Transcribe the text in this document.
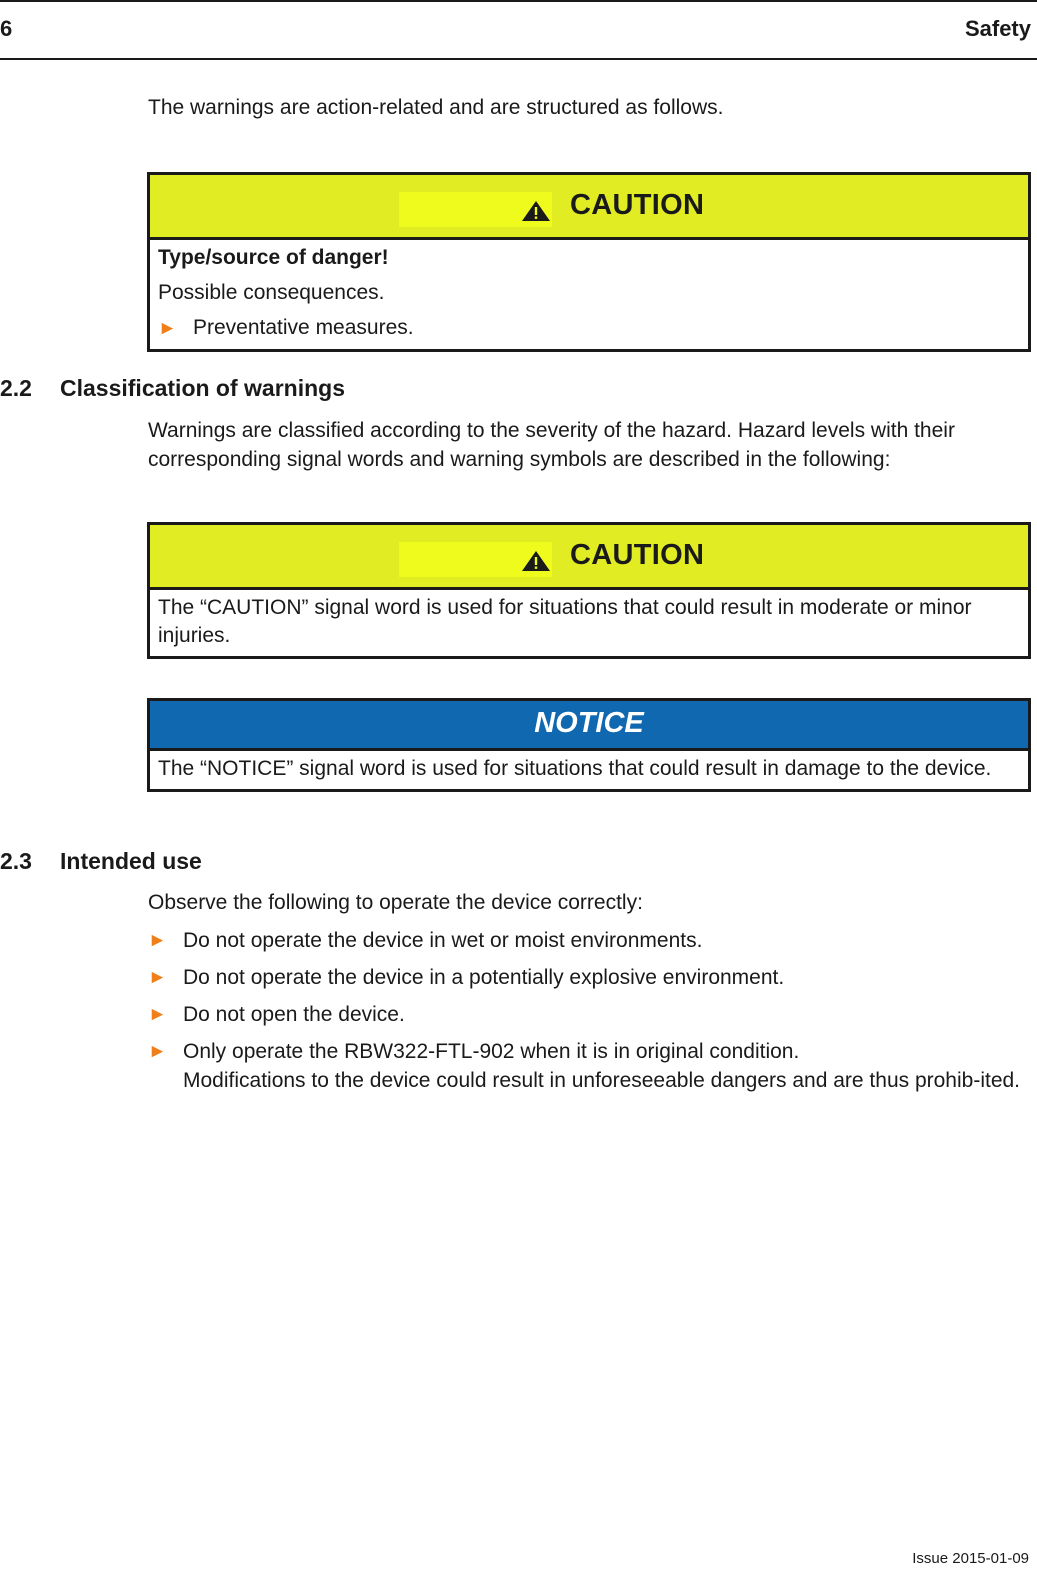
6	Safety

The warnings are action-related and are structured as follows.

CAUTION

Type/source of danger!

Possible consequences.

► Preventative measures.

2.2 Classification of warnings

Warnings are classified according to the severity of the hazard. Hazard levels with their corresponding signal words and warning symbols are described in the following:

CAUTION

The “CAUTION” signal word is used for situations that could result in moderate or minor injuries.

NOTICE

The “NOTICE” signal word is used for situations that could result in damage to the device.

2.3 Intended use

Observe the following to operate the device correctly:

► Do not operate the device in wet or moist environments.
► Do not operate the device in a potentially explosive environment.
► Do not open the device.
► Only operate the RBW322-FTL-902 when it is in original condition.
Modifications to the device could result in unforeseeable dangers and are thus prohib-ited.
Issue 2015-01-09
